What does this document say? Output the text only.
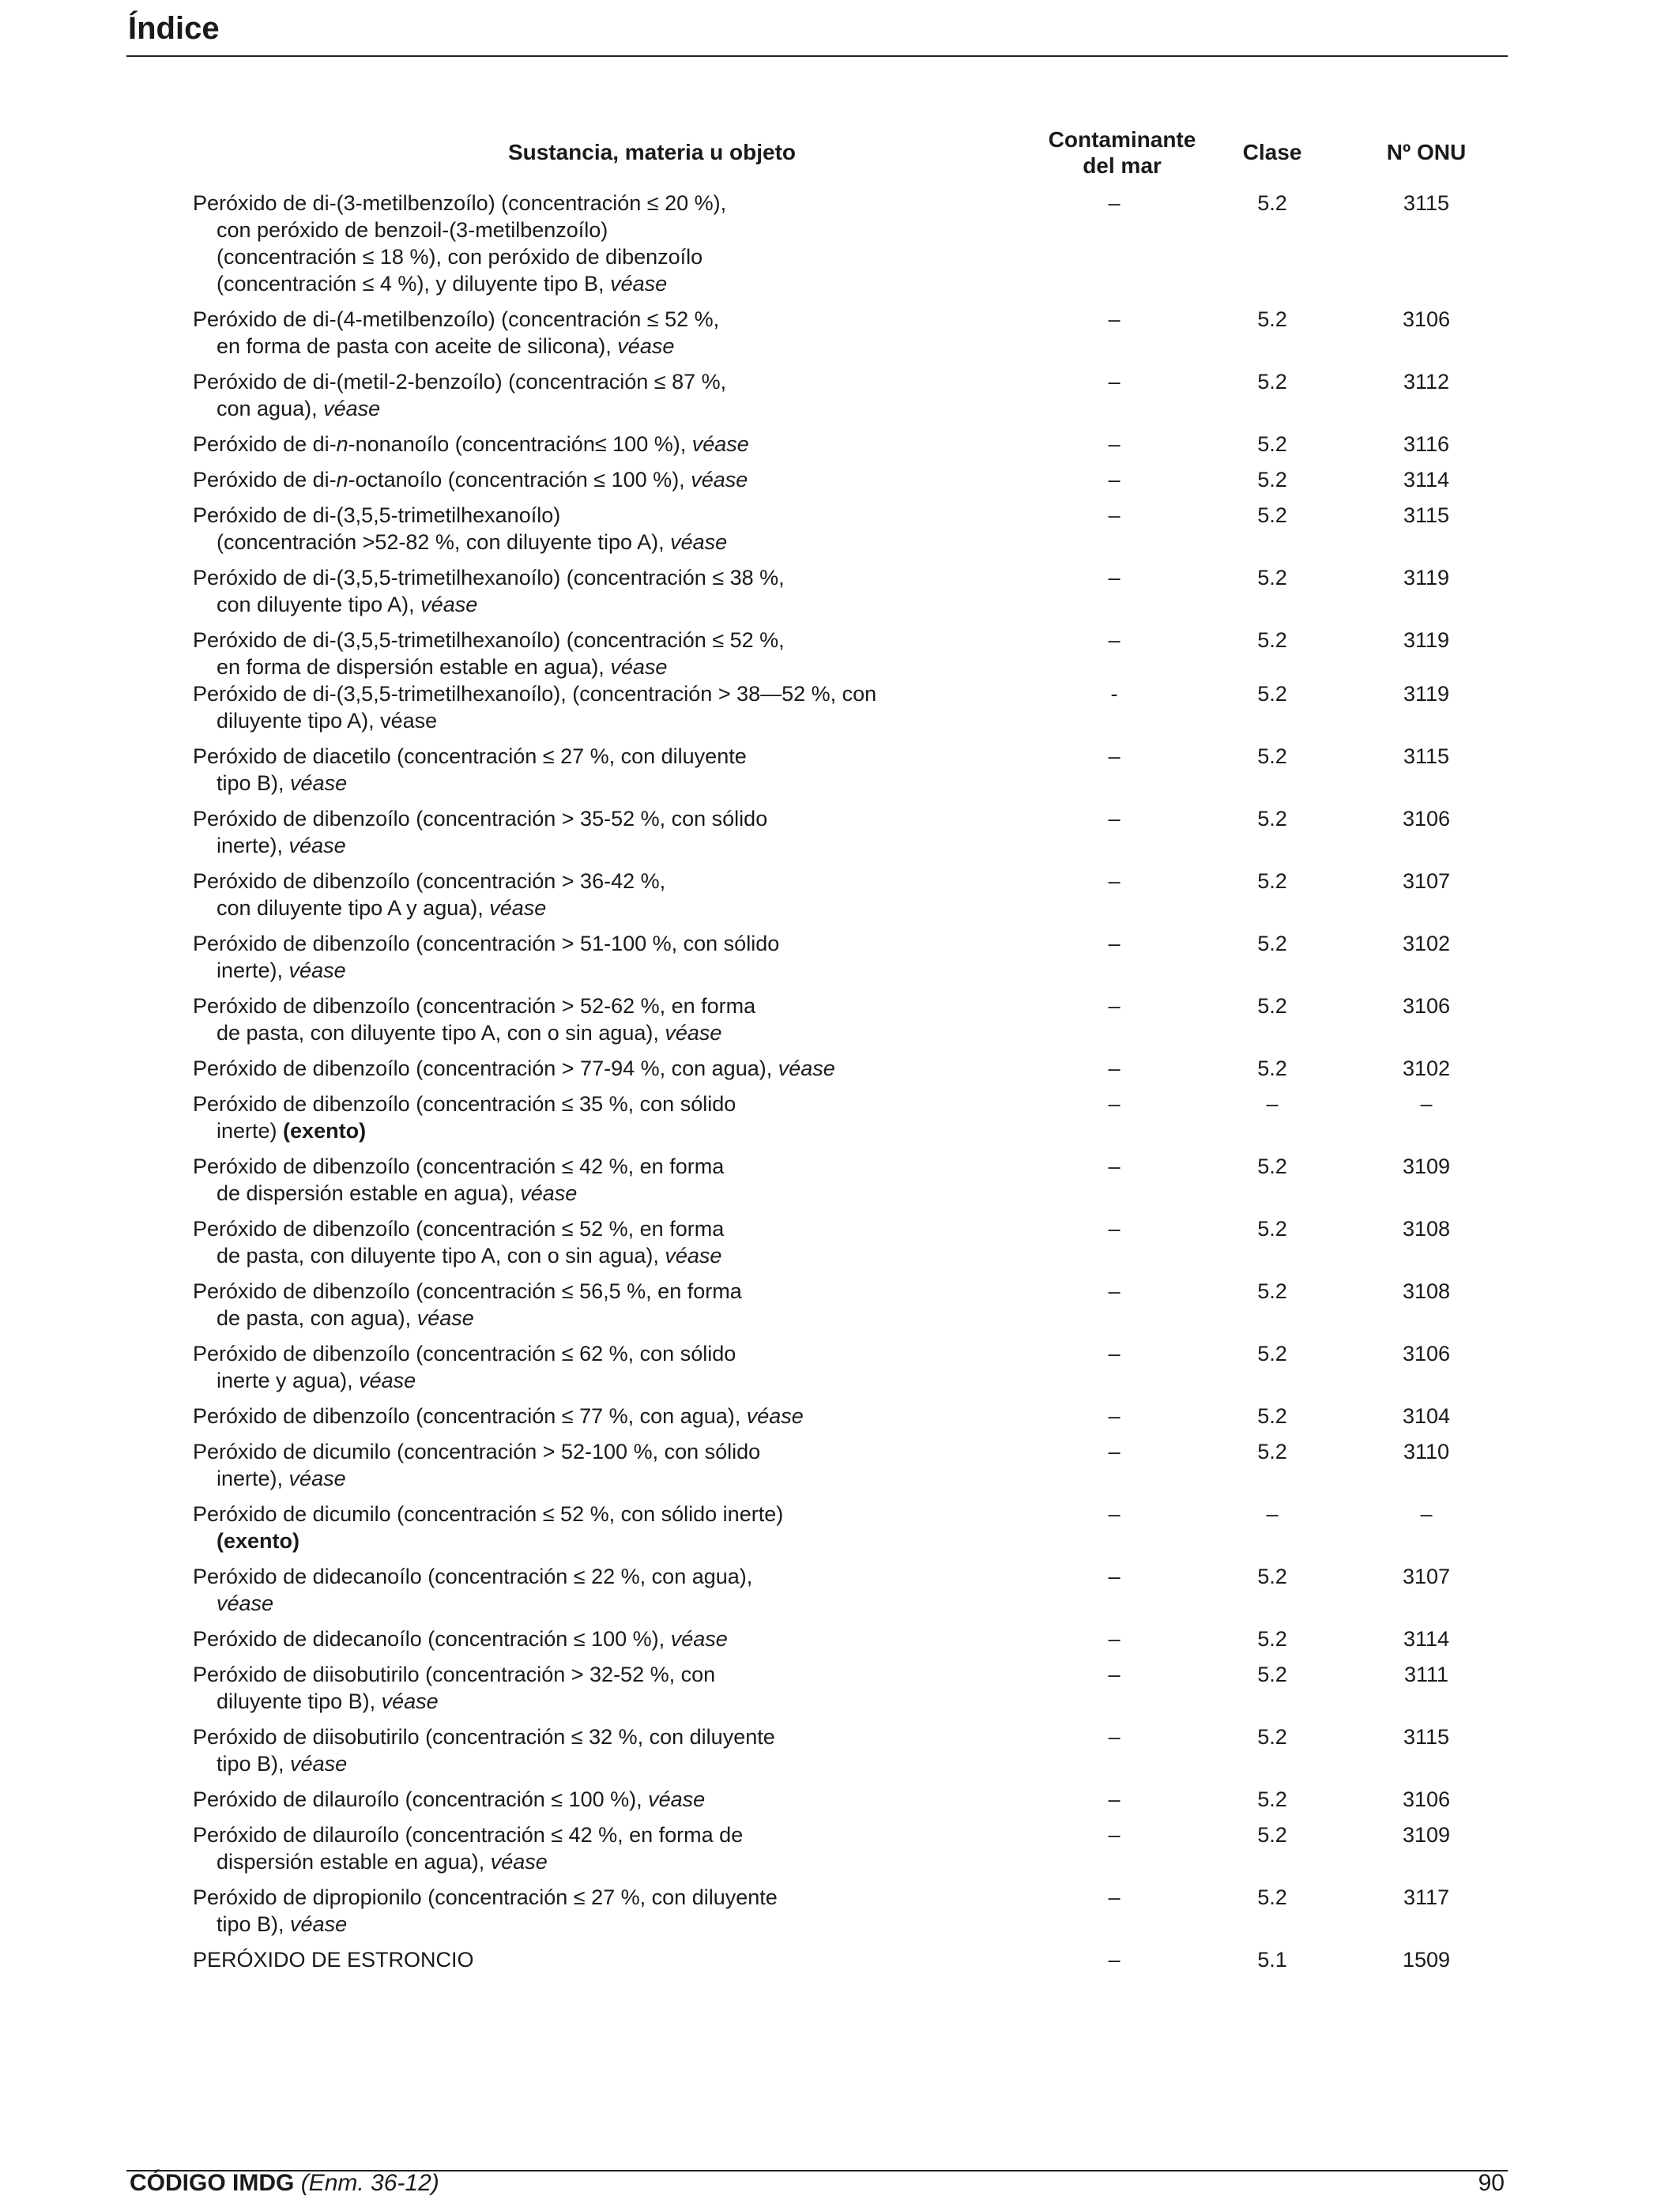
Índice
Sustancia, materia u objeto
Contaminante
del mar
Clase	Nº ONU
Peróxido de di-(3-metilbenzoílo) (concentración ≤ 20 %),
con peróxido de benzoil-(3-metilbenzoílo)
(concentración ≤ 18 %), con peróxido de dibenzoílo
(concentración ≤ 4 %), y diluyente tipo B, véase
–	5.2	3115
Peróxido de di-(4-metilbenzoílo) (concentración ≤ 52 %,
en forma de pasta con aceite de silicona), véase
–	5.2	3106
Peróxido de di-(metil-2-benzoílo) (concentración ≤ 87 %,
con agua), véase
–	5.2	3112
Peróxido de di-n-nonanoílo (concentración≤ 100 %), véase	–	5.2	3116
Peróxido de di-n-octanoílo (concentración ≤ 100 %), véase	–	5.2	3114
Peróxido de di-(3,5,5-trimetilhexanoílo)
(concentración >52-82 %, con diluyente tipo A), véase
–	5.2	3115
Peróxido de di-(3,5,5-trimetilhexanoílo) (concentración ≤ 38 %,
con diluyente tipo A), véase
–	5.2	3119
Peróxido de di-(3,5,5-trimetilhexanoílo) (concentración ≤ 52 %,
en forma de dispersión estable en agua), véase
–	5.2	3119
Peróxido de di-(3,5,5-trimetilhexanoílo), (concentración > 38—52 %, con
diluyente tipo A), véase
-	5.2	3119
Peróxido de diacetilo (concentración ≤ 27 %, con diluyente
tipo B), véase
–	5.2	3115
Peróxido de dibenzoílo (concentración > 35-52 %, con sólido
inerte), véase
–	5.2	3106
Peróxido de dibenzoílo (concentración > 36-42 %,
con diluyente tipo A y agua), véase
–	5.2	3107
Peróxido de dibenzoílo (concentración > 51-100 %, con sólido
inerte), véase
–	5.2	3102
Peróxido de dibenzoílo (concentración > 52-62 %, en forma
de pasta, con diluyente tipo A, con o sin agua), véase
–	5.2	3106
Peróxido de dibenzoílo (concentración > 77-94 %, con agua), véase	–	5.2	3102
Peróxido de dibenzoílo (concentración ≤ 35 %, con sólido
inerte) (exento)
–	–	–
Peróxido de dibenzoílo (concentración ≤ 42 %, en forma
de dispersión estable en agua), véase
–	5.2	3109
Peróxido de dibenzoílo (concentración ≤ 52 %, en forma
de pasta, con diluyente tipo A, con o sin agua), véase
–	5.2	3108
Peróxido de dibenzoílo (concentración ≤ 56,5 %, en forma
de pasta, con agua), véase
–	5.2	3108
Peróxido de dibenzoílo (concentración ≤ 62 %, con sólido
inerte y agua), véase
–	5.2	3106
Peróxido de dibenzoílo (concentración ≤ 77 %, con agua), véase	–	5.2	3104
Peróxido de dicumilo (concentración > 52-100 %, con sólido
inerte), véase
–	5.2	3110
Peróxido de dicumilo (concentración ≤ 52 %, con sólido inerte)
(exento)
–	–	–
Peróxido de didecanoílo (concentración ≤ 22 %, con agua),
véase
–	5.2	3107
Peróxido de didecanoílo (concentración ≤ 100 %), véase	–	5.2	3114
Peróxido de diisobutirilo (concentración > 32-52 %, con
diluyente tipo B), véase
–	5.2	3111
Peróxido de diisobutirilo (concentración ≤ 32 %, con diluyente
tipo B), véase
–	5.2	3115
Peróxido de dilauroílo (concentración ≤ 100 %), véase	–	5.2	3106
Peróxido de dilauroílo (concentración ≤ 42 %, en forma de
dispersión estable en agua), véase
–	5.2	3109
Peróxido de dipropionilo (concentración ≤ 27 %, con diluyente
tipo B), véase
–	5.2	3117
PERÓXIDO DE ESTRONCIO	–	5.1	1509
CÓDIGO IMDG (Enm. 36-12)	90
